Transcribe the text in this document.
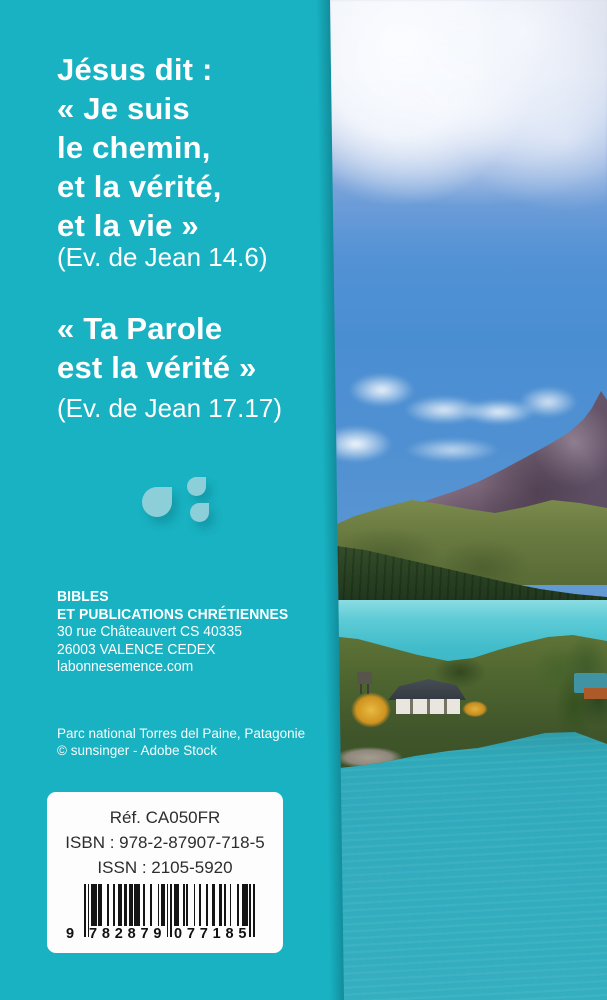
Jésus dit :
« Je suis
le chemin,
et la vérité,
et la vie »
(Ev. de Jean 14.6)
« Ta Parole
est la vérité »
(Ev. de Jean 17.17)
BIBLES
ET PUBLICATIONS CHRÉTIENNES
30 rue Châteauvert CS 40335
26003 VALENCE CEDEX
labonnesemence.com
Parc national Torres del Paine, Patagonie
© sunsinger - Adobe Stock
Réf. CA050FR
ISBN : 978-2-87907-718-5
ISSN : 2105-5920
9 782879 077185
